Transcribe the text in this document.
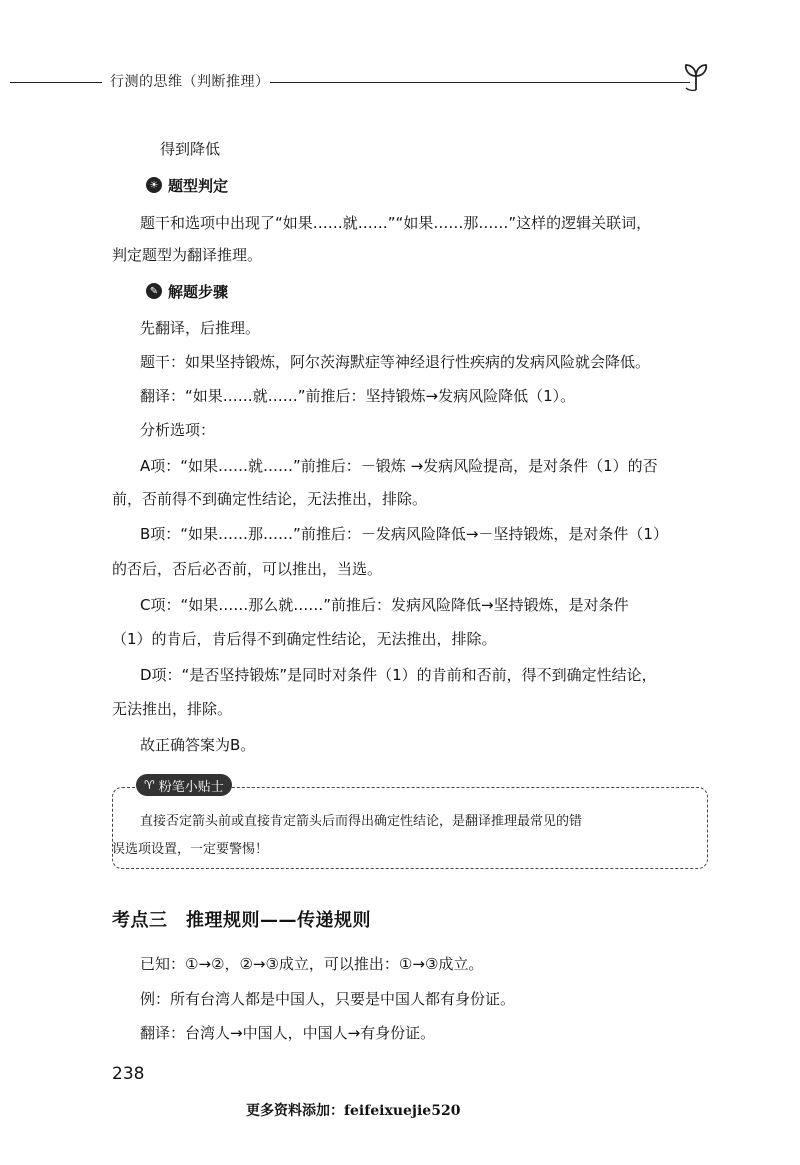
行测的思维（判断推理）
得到降低
☀ 题型判定
题干和选项中出现了“如果……就……”“如果……那……”这样的逻辑关联词，
判定题型为翻译推理。
✎ 解题步骤
先翻译，后推理。
题干：如果坚持锻炼，阿尔茨海默症等神经退行性疾病的发病风险就会降低。
翻译：“如果……就……”前推后：坚持锻炼→发病风险降低（1）。
分析选项：
A项：“如果……就……”前推后：－锻炼 →发病风险提高，是对条件（1）的否
前，否前得不到确定性结论，无法推出，排除。
B项：“如果……那……”前推后：－发病风险降低→－坚持锻炼，是对条件（1）
的否后，否后必否前，可以推出，当选。
C项：“如果……那么就……”前推后：发病风险降低→坚持锻炼，是对条件
（1）的肯后，肯后得不到确定性结论，无法推出，排除。
D项：“是否坚持锻炼”是同时对条件（1）的肯前和否前，得不到确定性结论，
无法推出，排除。
故正确答案为B。
♈ 粉笔小贴士
直接否定箭头前或直接肯定箭头后而得出确定性结论，是翻译推理最常见的错
误选项设置，一定要警惕！
考点三　推理规则——传递规则
已知：①→②，②→③成立，可以推出：①→③成立。
例：所有台湾人都是中国人，只要是中国人都有身份证。
翻译：台湾人→中国人，中国人→有身份证。
238
更多资料添加：feifeixuejie520
